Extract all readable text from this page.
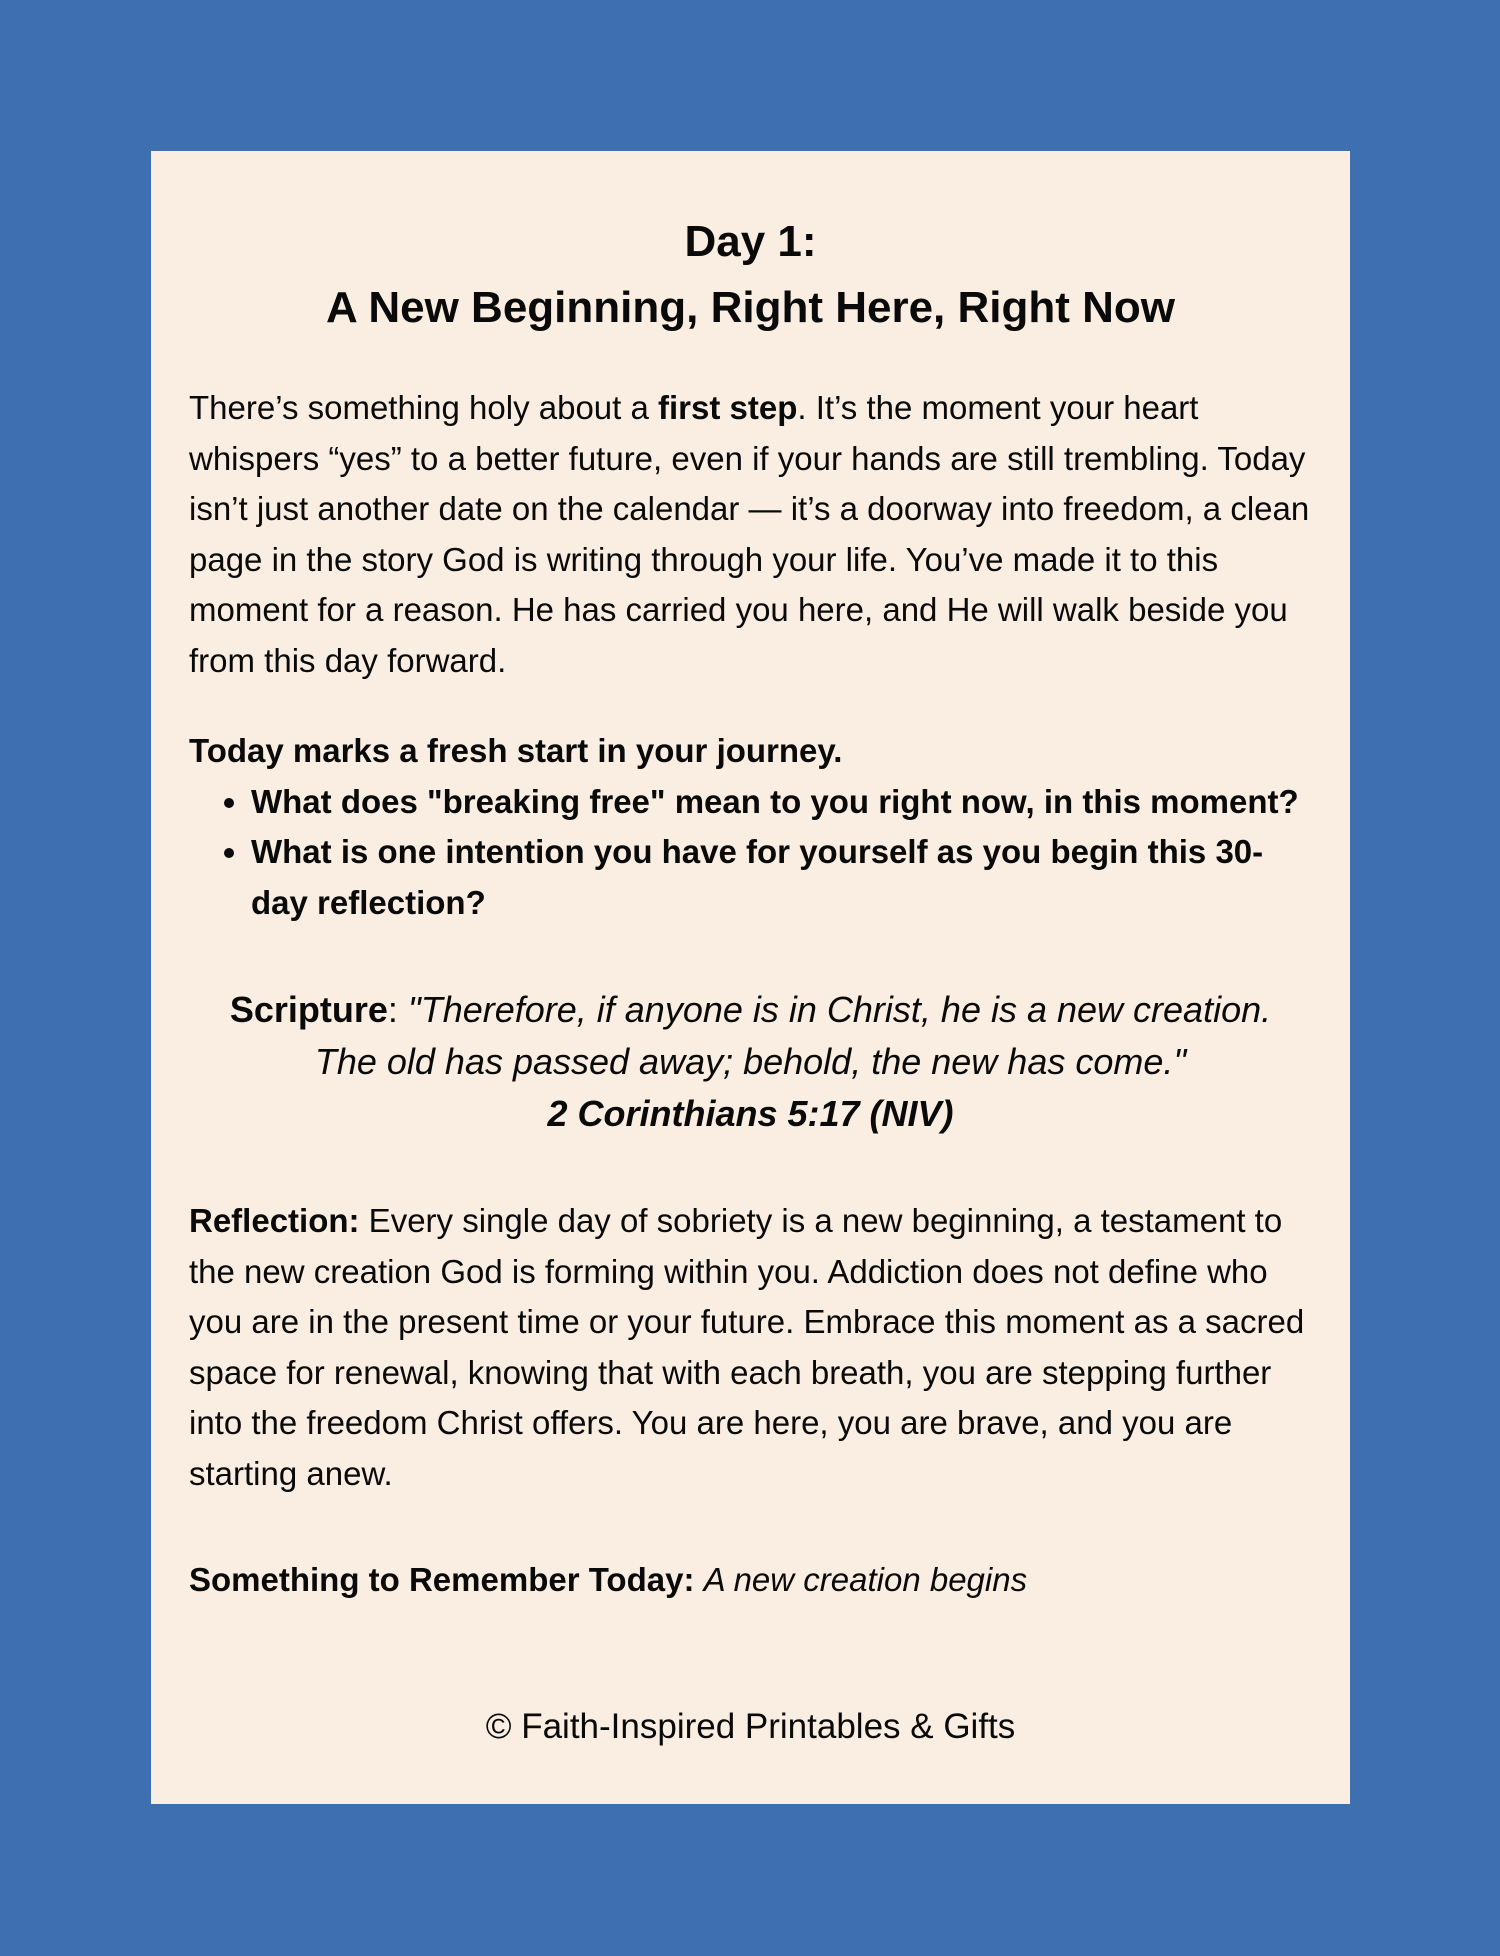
Day 1:
A New Beginning, Right Here, Right Now

There’s something holy about a first step. It’s the moment your heart whispers “yes” to a better future, even if your hands are still trembling. Today isn’t just another date on the calendar — it’s a doorway into freedom, a clean page in the story God is writing through your life. You’ve made it to this moment for a reason. He has carried you here, and He will walk beside you from this day forward.

Today marks a fresh start in your journey.

• What does "breaking free" mean to you right now, in this moment?
• What is one intention you have for yourself as you begin this 30-day reflection?
Scripture: "Therefore, if anyone is in Christ, he is a new creation.
The old has passed away; behold, the new has come."
2 Corinthians 5:17 (NIV)

Reflection: Every single day of sobriety is a new beginning, a testament to the new creation God is forming within you. Addiction does not define who you are in the present time or your future. Embrace this moment as a sacred space for renewal, knowing that with each breath, you are stepping further into the freedom Christ offers. You are here, you are brave, and you are starting anew.

Something to Remember Today: A new creation begins

© Faith-Inspired Printables & Gifts
